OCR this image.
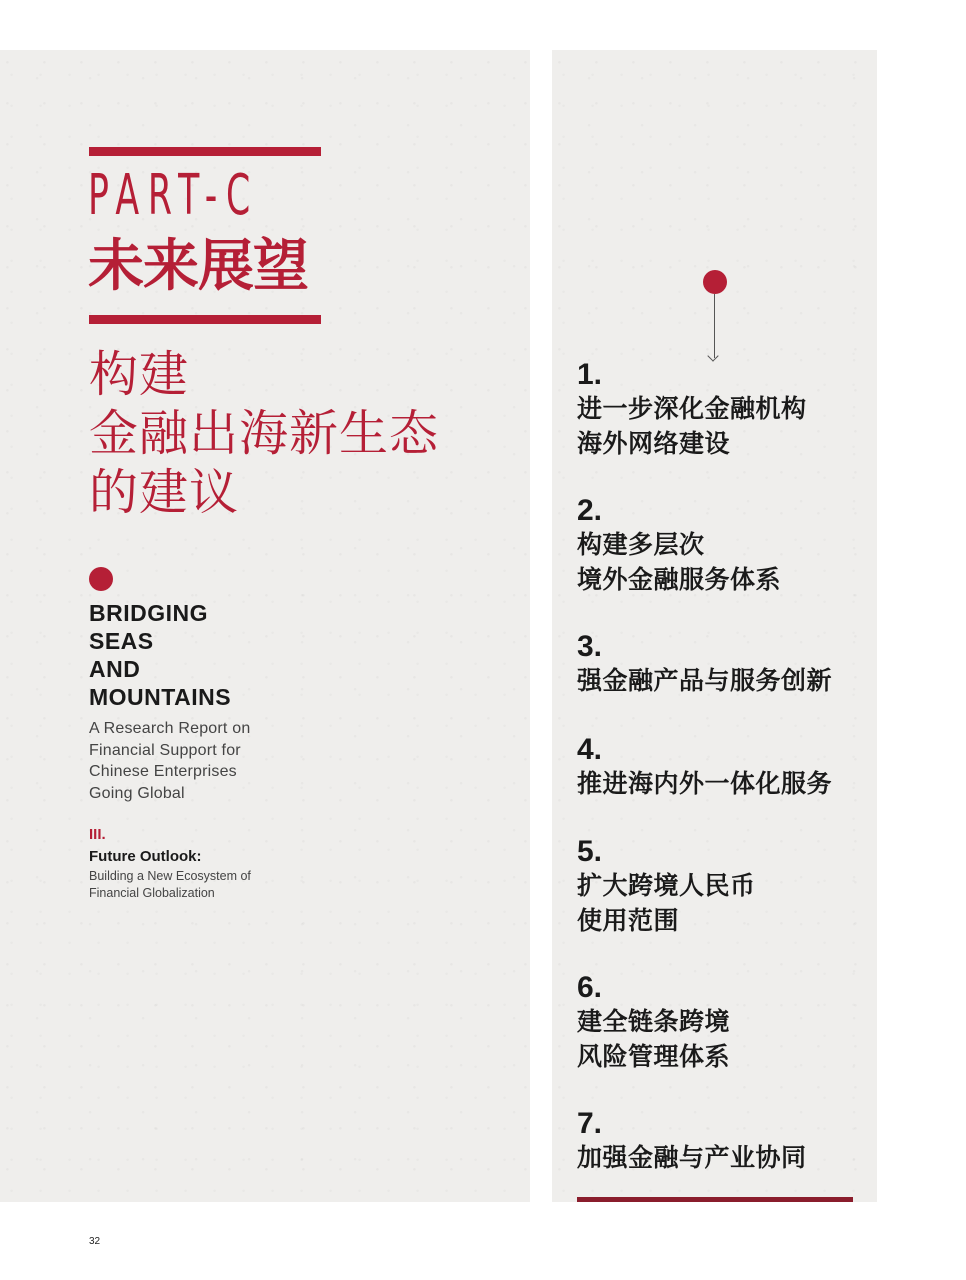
PART-C
未来展望
构建
金融出海新生态
的建议
BRIDGING
SEAS
AND
MOUNTAINS
A Research Report on
Financial Support for
Chinese Enterprises
Going Global
III.
Future Outlook:
Building a New Ecosystem of
Financial Globalization
32
1.
进一步深化金融机构
海外网络建设
2.
构建多层次
境外金融服务体系
3.
强金融产品与服务创新
4.
推进海内外一体化服务
5.
扩大跨境人民币
使用范围
6.
建全链条跨境
风险管理体系
7.
加强金融与产业协同
